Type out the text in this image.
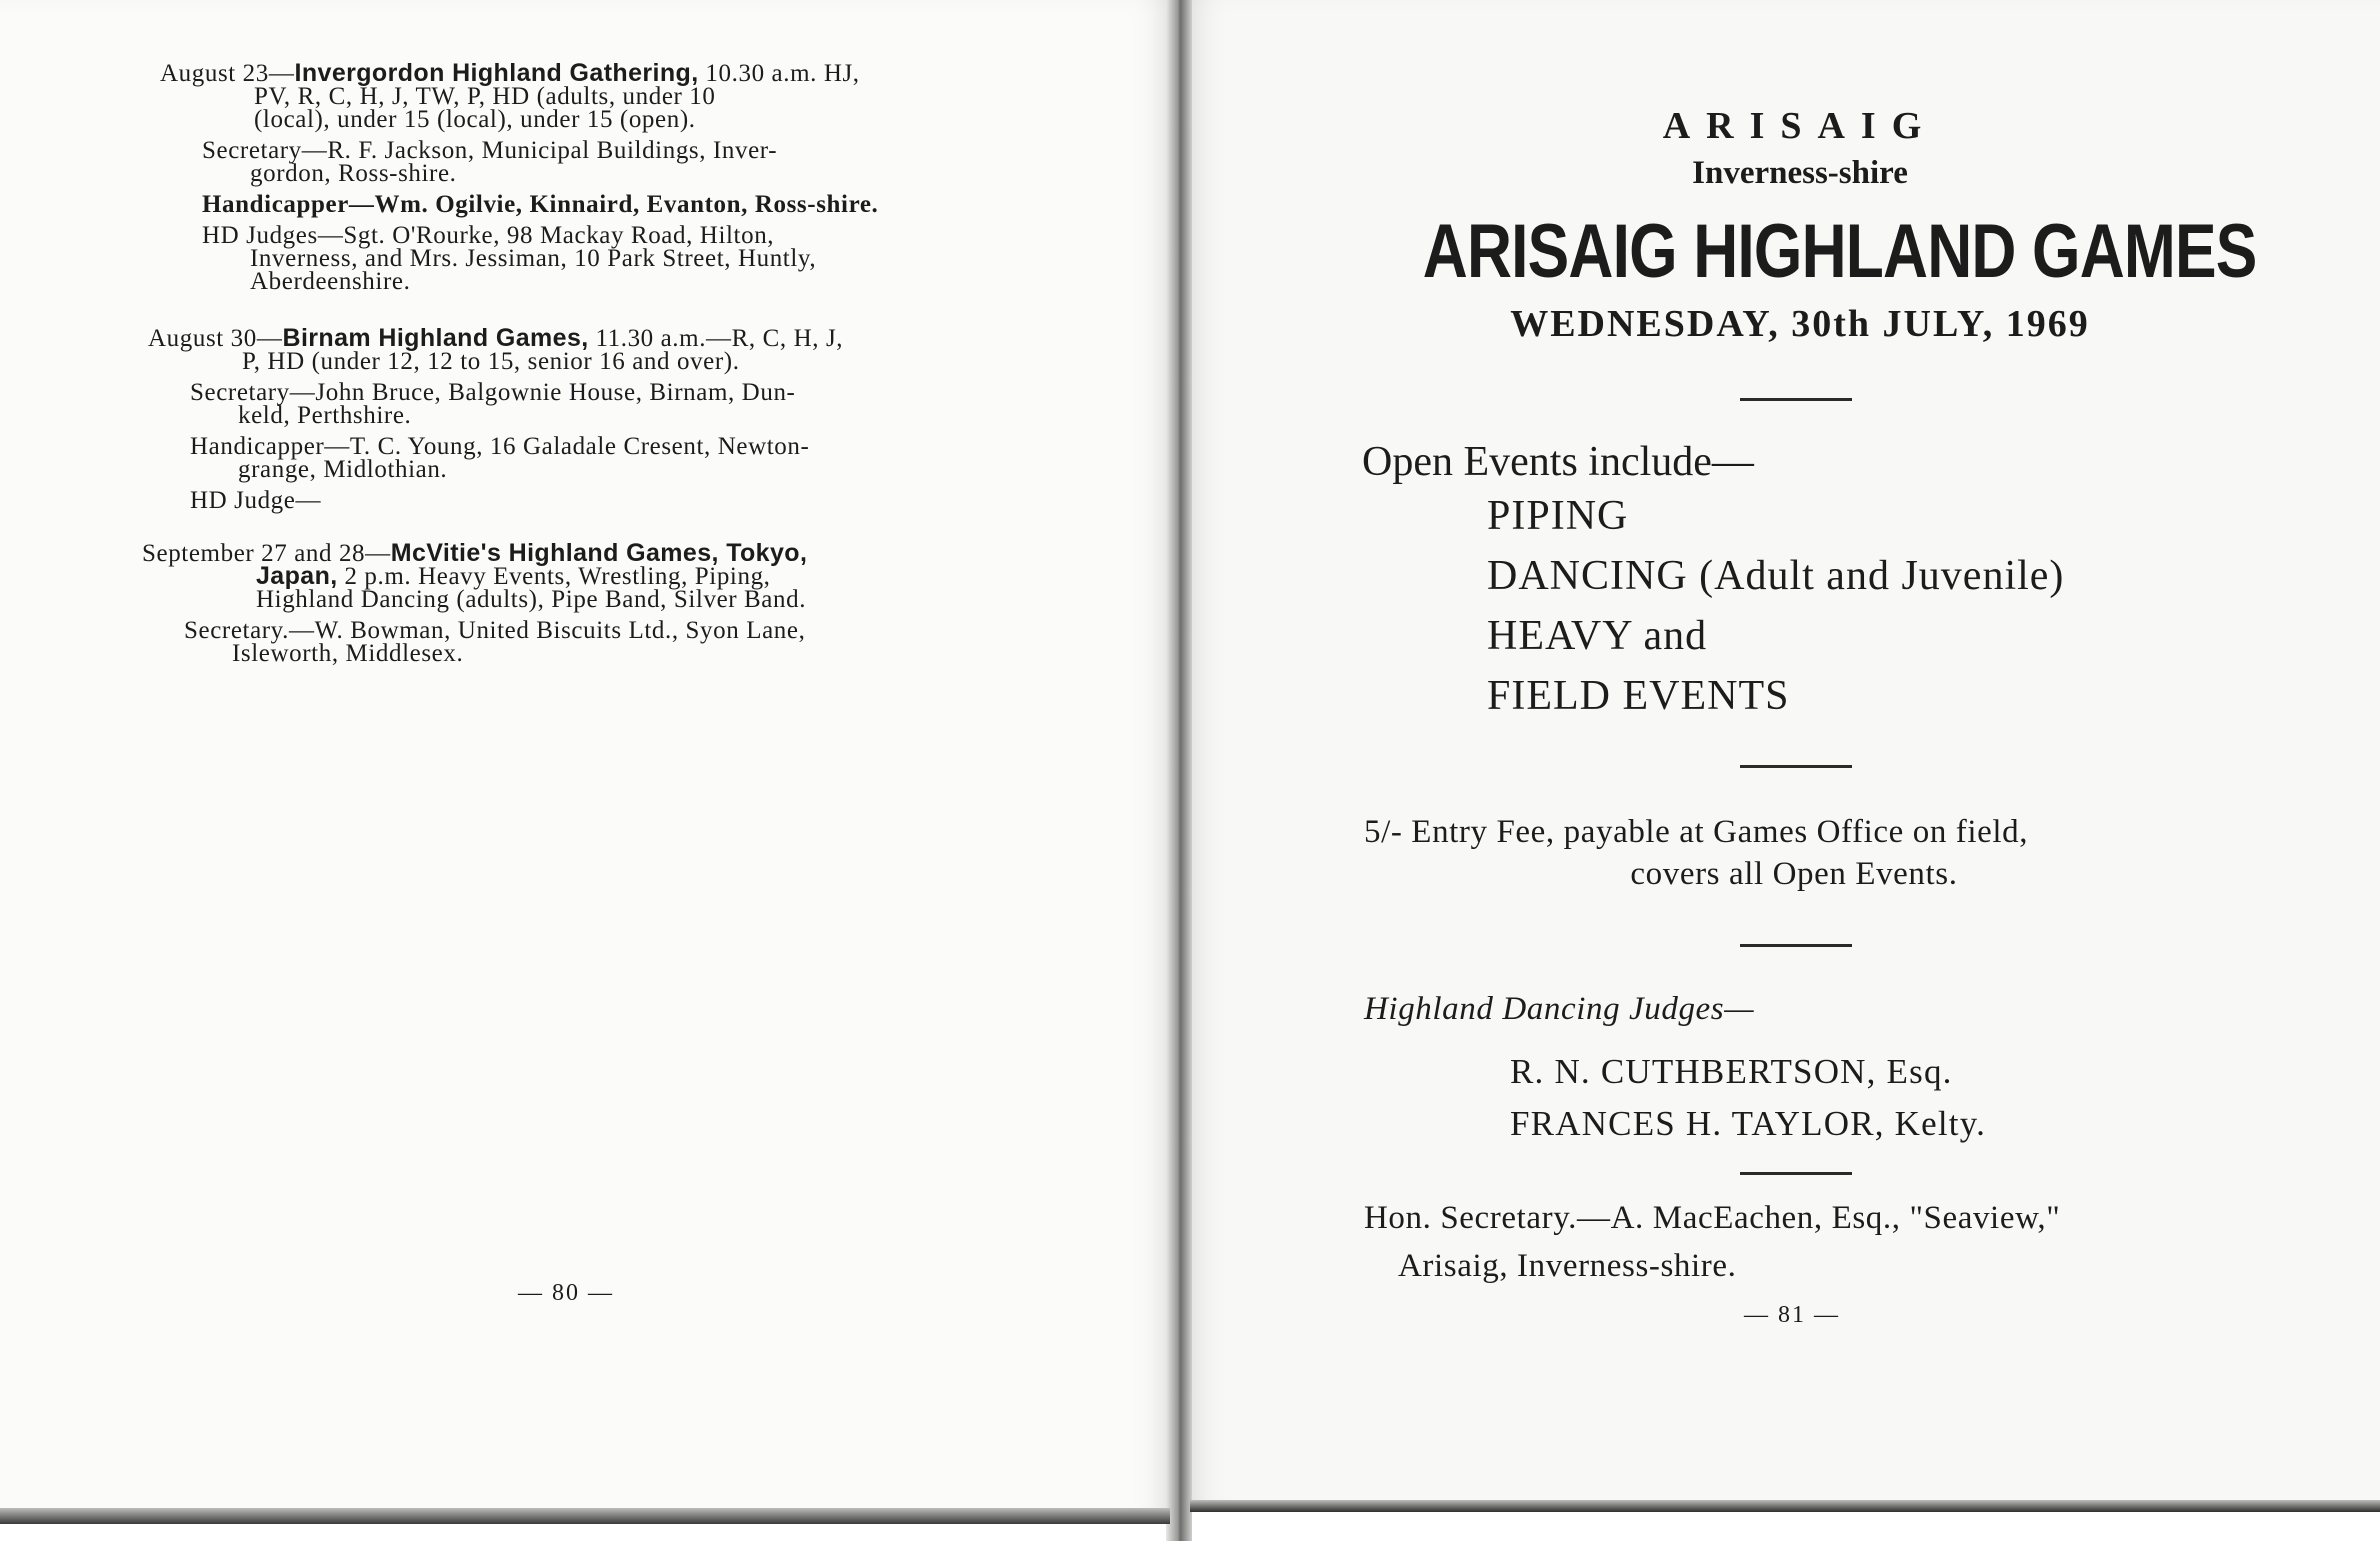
August 23—Invergordon Highland Gathering, 10.30 a.m. HJ,
PV, R, C, H, J, TW, P, HD (adults, under 10
(local), under 15 (local), under 15 (open).

Secretary—R. F. Jackson, Municipal Buildings, Inver-
gordon, Ross-shire.

Handicapper—Wm. Ogilvie, Kinnaird, Evanton, Ross-shire.

HD Judges—Sgt. O'Rourke, 98 Mackay Road, Hilton,
Inverness, and Mrs. Jessiman, 10 Park Street, Huntly,
Aberdeenshire.

August 30—Birnam Highland Games, 11.30 a.m.—R, C, H, J,
P, HD (under 12, 12 to 15, senior 16 and over).

Secretary—John Bruce, Balgownie House, Birnam, Dun-
keld, Perthshire.

Handicapper—T. C. Young, 16 Galadale Cresent, Newton-
grange, Midlothian.

HD Judge—

September 27 and 28—McVitie's Highland Games, Tokyo,
Japan, 2 p.m. Heavy Events, Wrestling, Piping,
Highland Dancing (adults), Pipe Band, Silver Band.

Secretary.—W. Bowman, United Biscuits Ltd., Syon Lane,
Isleworth, Middlesex.

— 80 —
ARISAIG
Inverness-shire
ARISAIG HIGHLAND GAMES
WEDNESDAY, 30th JULY, 1969
Open Events include—
PIPING
DANCING (Adult and Juvenile)
HEAVY and
FIELD EVENTS
5/- Entry Fee, payable at Games Office on field,
covers all Open Events.
Highland Dancing Judges—
R. N. CUTHBERTSON, Esq.
FRANCES H. TAYLOR, Kelty.
Hon. Secretary.—A. MacEachen, Esq., "Seaview,"
Arisaig, Inverness-shire.
— 81 —
